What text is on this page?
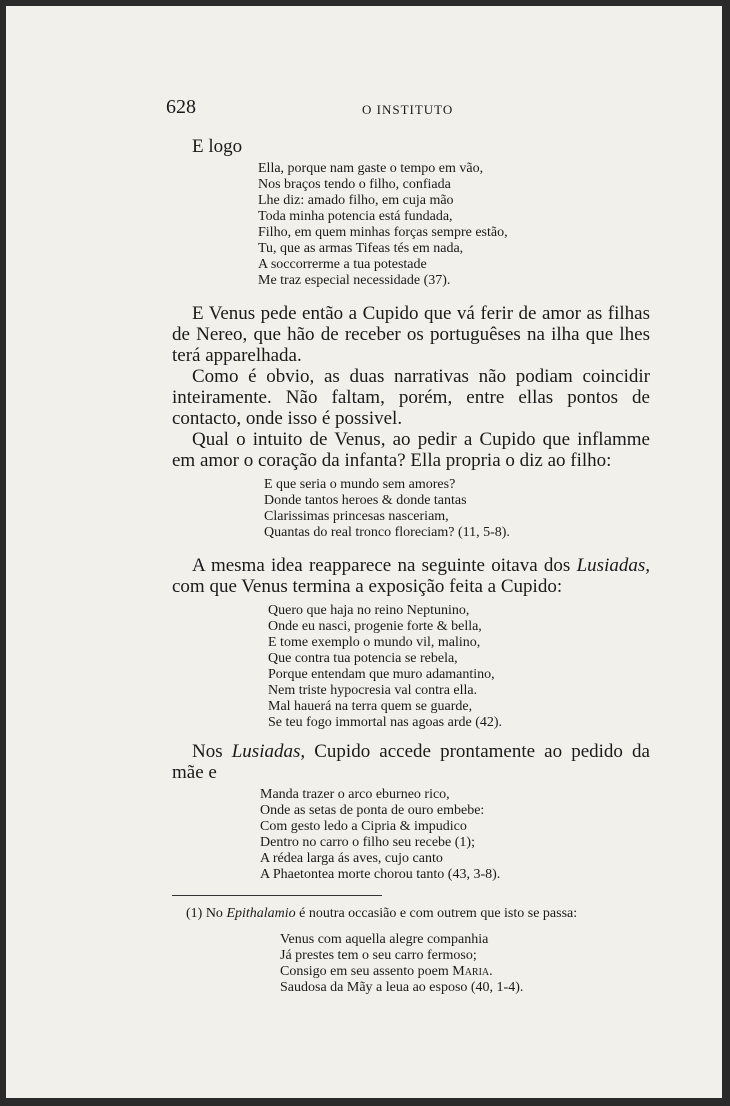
628	O INSTITUTO

E logo

Ella, porque nam gaste o tempo em vão,
Nos braços tendo o filho, confiada
Lhe diz: amado filho, em cuja mão
Toda minha potencia está fundada,
Filho, em quem minhas forças sempre estão,
Tu, que as armas Tifeas tés em nada,
A soccorrerme a tua potestade
Me traz especial necessidade (37).

E Venus pede então a Cupido que vá ferir de amor as filhas de Nereo, que hão de receber os portuguêses na ilha que lhes terá apparelhada.

Como é obvio, as duas narrativas não podiam coincidir inteiramente. Não faltam, porém, entre ellas pontos de contacto, onde isso é possivel.

Qual o intuito de Venus, ao pedir a Cupido que inflamme em amor o coração da infanta? Ella propria o diz ao filho:

E que seria o mundo sem amores?
Donde tantos heroes & donde tantas
Clarissimas princesas nasceriam,
Quantas do real tronco floreciam? (11, 5-8).

A mesma idea reapparece na seguinte oitava dos Lusiadas, com que Venus termina a exposição feita a Cupido:

Quero que haja no reino Neptunino,
Onde eu nasci, progenie forte & bella,
E tome exemplo o mundo vil, malino,
Que contra tua potencia se rebela,
Porque entendam que muro adamantino,
Nem triste hypocresia val contra ella.
Mal hauerá na terra quem se guarde,
Se teu fogo immortal nas agoas arde (42).

Nos Lusiadas, Cupido accede prontamente ao pedido da mãe e

Manda trazer o arco eburneo rico,
Onde as setas de ponta de ouro embebe:
Com gesto ledo a Cipria & impudico
Dentro no carro o filho seu recebe (1);
A rédea larga ás aves, cujo canto
A Phaetontea morte chorou tanto (43, 3-8).

(1) No Epithalamio é noutra occasião e com outrem que isto se passa:

Venus com aquella alegre companhia
Já prestes tem o seu carro fermoso;
Consigo em seu assento poem Maria.
Saudosa da Mãy a leua ao esposo (40, 1-4).
